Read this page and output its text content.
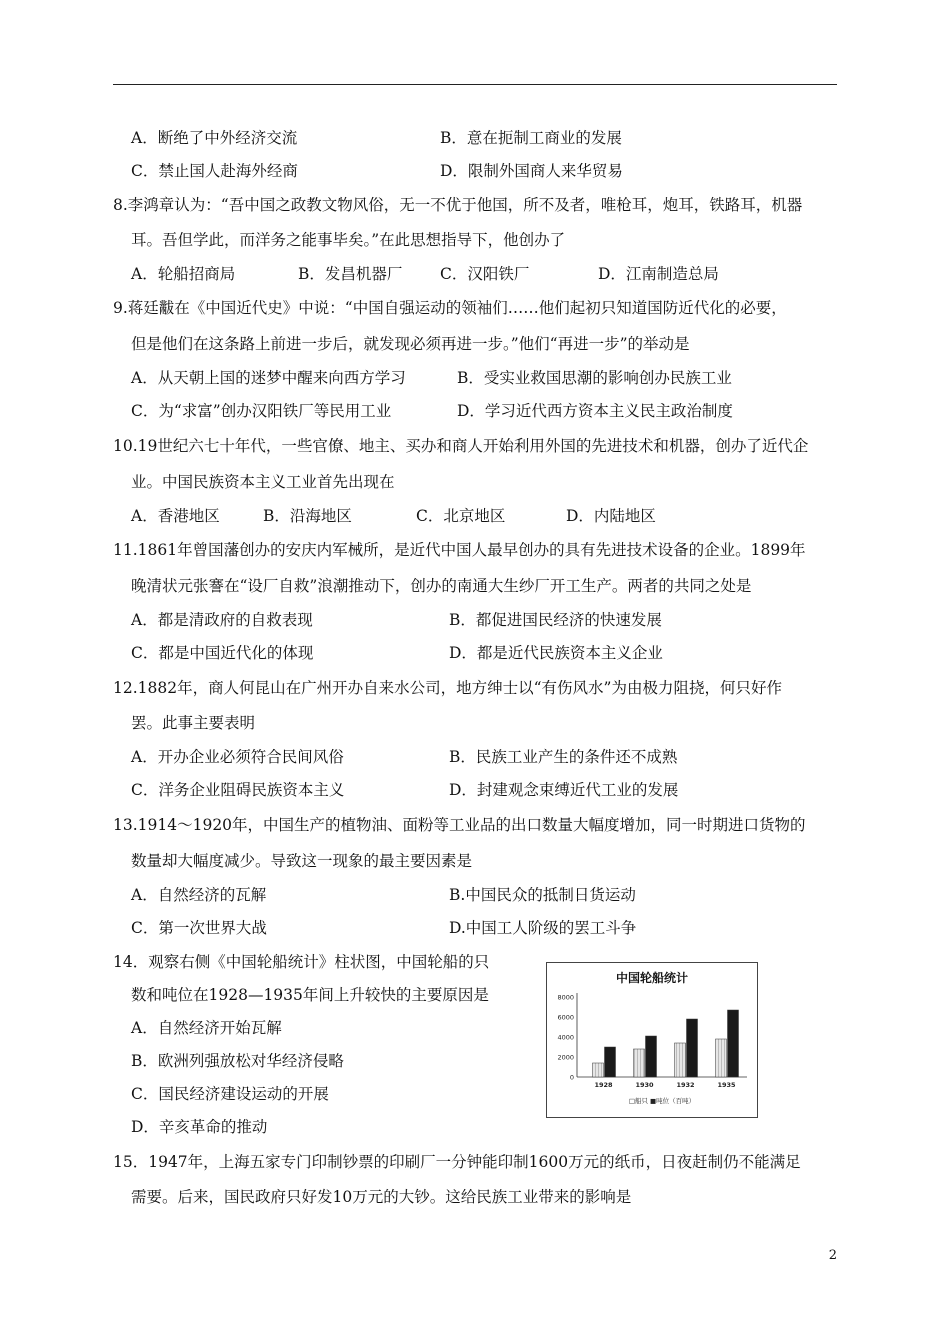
A．断绝了中外经济交流	B．意在扼制工商业的发展
C．禁止国人赴海外经商	D．限制外国商人来华贸易
8.李鸿章认为：“吾中国之政教文物风俗，无一不优于他国，所不及者，唯枪耳，炮耳，铁路耳，机器
耳。吾但学此，而洋务之能事毕矣。”在此思想指导下，他创办了
A．轮船招商局	B．发昌机器厂 C．汉阳铁厂	D．江南制造总局
9.蒋廷黻在《中国近代史》中说：“中国自强运动的领袖们……他们起初只知道国防近代化的必要，
但是他们在这条路上前进一步后，就发现必须再进一步。”他们“再进一步”的举动是
A．从天朝上国的迷梦中醒来向西方学习	B．受实业救国思潮的影响创办民族工业
C．为“求富”创办汉阳铁厂等民用工业	D．学习近代西方资本主义民主政治制度
10.19世纪六七十年代，一些官僚、地主、买办和商人开始利用外国的先进技术和机器，创办了近代企
业。中国民族资本主义工业首先出现在
A．香港地区	B．沿海地区	C．北京地区	D．内陆地区
11.1861年曾国藩创办的安庆内军械所，是近代中国人最早创办的具有先进技术设备的企业。1899年
晚清状元张謇在“设厂自救”浪潮推动下，创办的南通大生纱厂开工生产。两者的共同之处是
A．都是清政府的自救表现	B．都促进国民经济的快速发展
C．都是中国近代化的体现	D．都是近代民族资本主义企业
12.1882年，商人何昆山在广州开办自来水公司，地方绅士以“有伤风水”为由极力阻挠，何只好作
罢。此事主要表明
A．开办企业必须符合民间风俗	B．民族工业产生的条件还不成熟
C．洋务企业阻碍民族资本主义	D．封建观念束缚近代工业的发展
13.1914～1920年，中国生产的植物油、面粉等工业品的出口数量大幅度增加，同一时期进口货物的
数量却大幅度减少。导致这一现象的最主要因素是
A．自然经济的瓦解	B.中国民众的抵制日货运动
C．第一次世界大战	D.中国工人阶级的罢工斗争
14．观察右侧《中国轮船统计》柱状图，中国轮船的只
数和吨位在1928—1935年间上升较快的主要原因是
A．自然经济开始瓦解
B．欧洲列强放松对华经济侵略
C．国民经济建设运动的开展
D．辛亥革命的推动
中国轮船统计
0
2000
4000
6000
8000
1928	1930	1932	1935
□船只 ■吨位（百吨）
15．1947年，上海五家专门印制钞票的印刷厂一分钟能印制1600万元的纸币，日夜赶制仍不能满足
需要。后来，国民政府只好发10万元的大钞。这给民族工业带来的影响是
2
